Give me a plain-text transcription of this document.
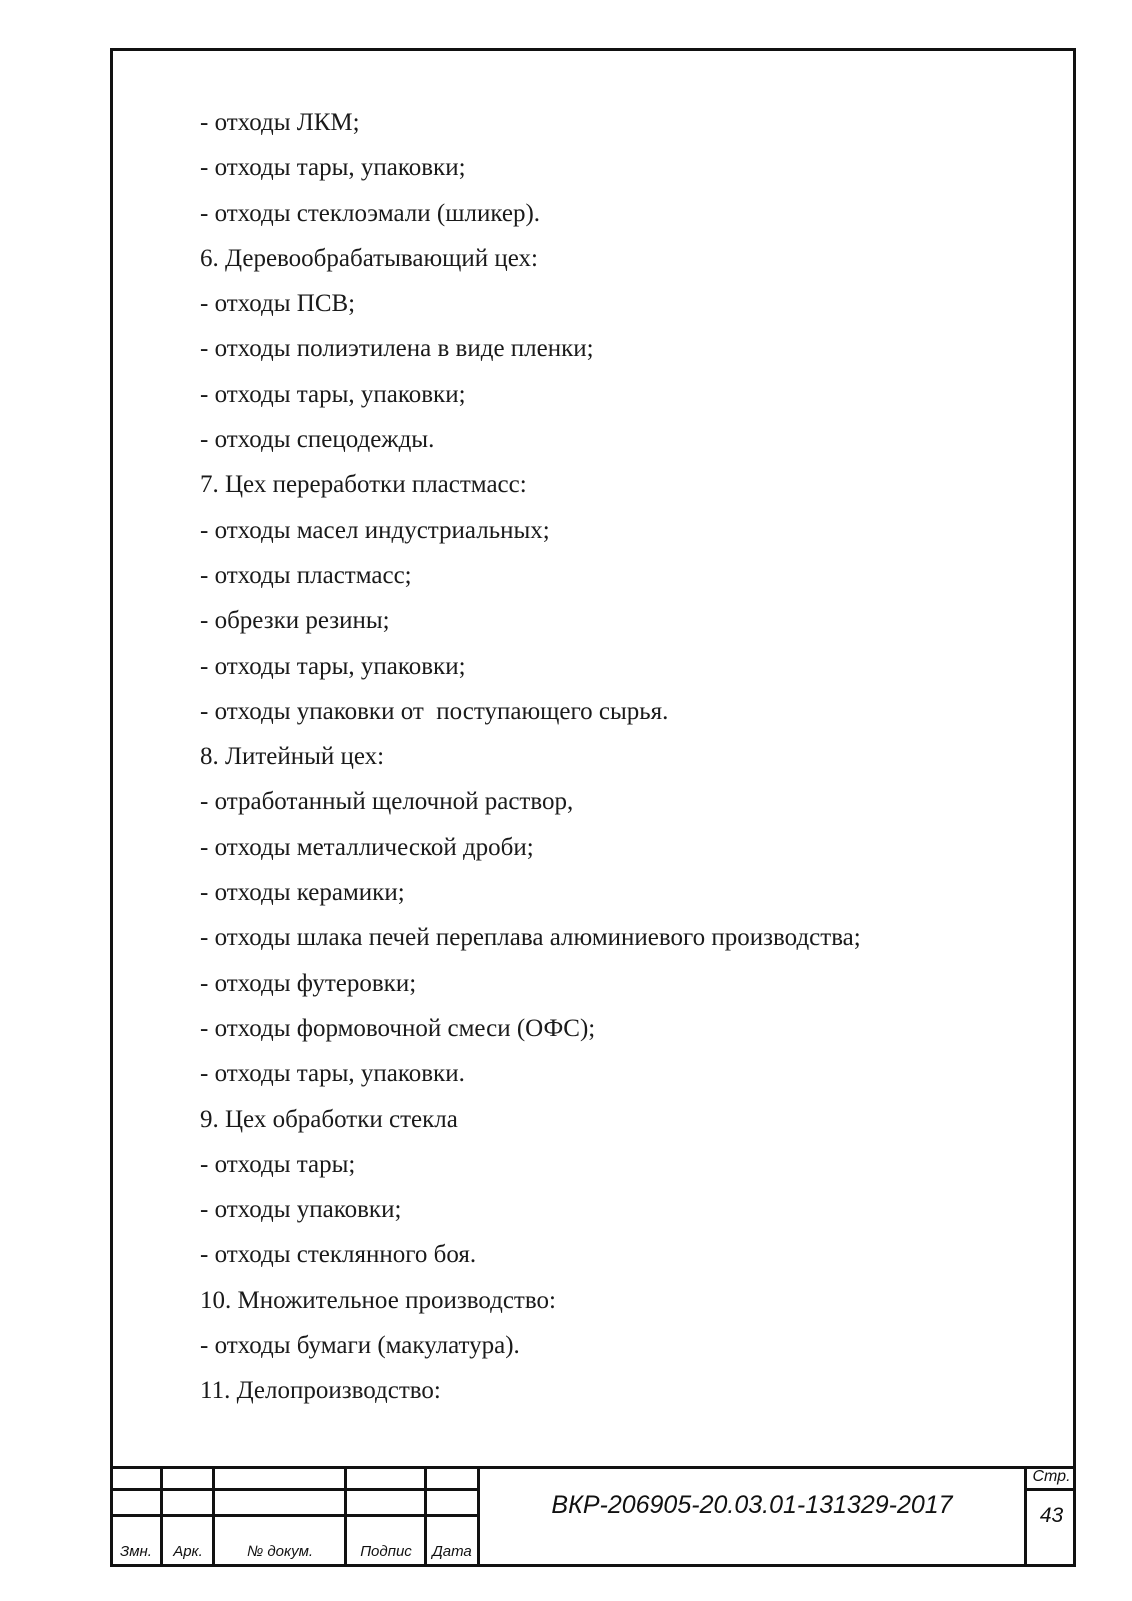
- отходы ЛКМ;
- отходы тары, упаковки;
- отходы стеклоэмали (шликер).
6. Деревообрабатывающий цех:
- отходы ПСВ;
- отходы полиэтилена в виде пленки;
- отходы тары, упаковки;
- отходы спецодежды.
7. Цех переработки пластмасс:
- отходы масел индустриальных;
- отходы пластмасс;
- обрезки резины;
- отходы тары, упаковки;
- отходы упаковки от  поступающего сырья.
8. Литейный цех:
- отработанный щелочной раствор,
- отходы металлической дроби;
- отходы керамики;
- отходы шлака печей переплава алюминиевого производства;
- отходы футеровки;
- отходы формовочной смеси (ОФС);
- отходы тары, упаковки.
9. Цех обработки стекла
- отходы тары;
- отходы упаковки;
- отходы стеклянного боя.
10. Множительное производство:
- отходы бумаги (макулатура).
11. Делопроизводство:
Змн.	Арк.	№ докум.	Подпис	Дата
ВКР-206905-20.03.01-131329-2017
Стр.
43
